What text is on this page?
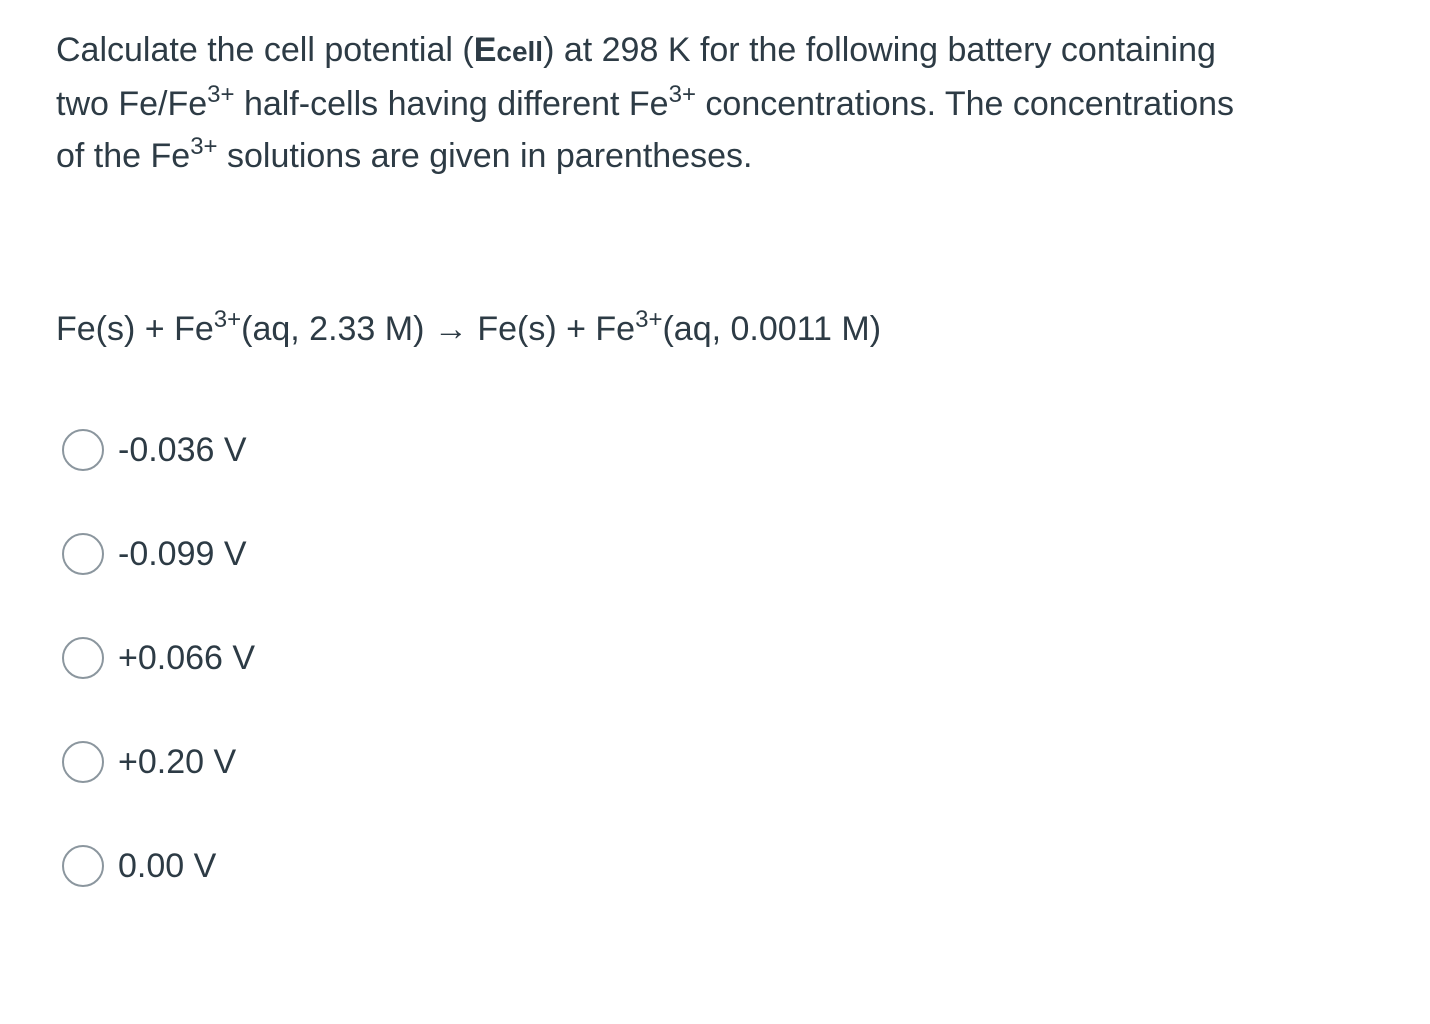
Calculate the cell potential (Ecell) at 298 K for the following battery containing

two $Fe/Fe^{3+}$ half-cells having different $Fe^{3+}$ concentrations. The concentrations

of the $Fe^{3+}$ solutions are given in parentheses.

$Fe(s) + Fe^{3+}(aq$, 2.33 $M) \to Fe(s) + Fe^{3+}(aq$, 0.0011 M)
-0.036 V
-0.099 V
+0.066 V
+0.20 V
0.00 V
